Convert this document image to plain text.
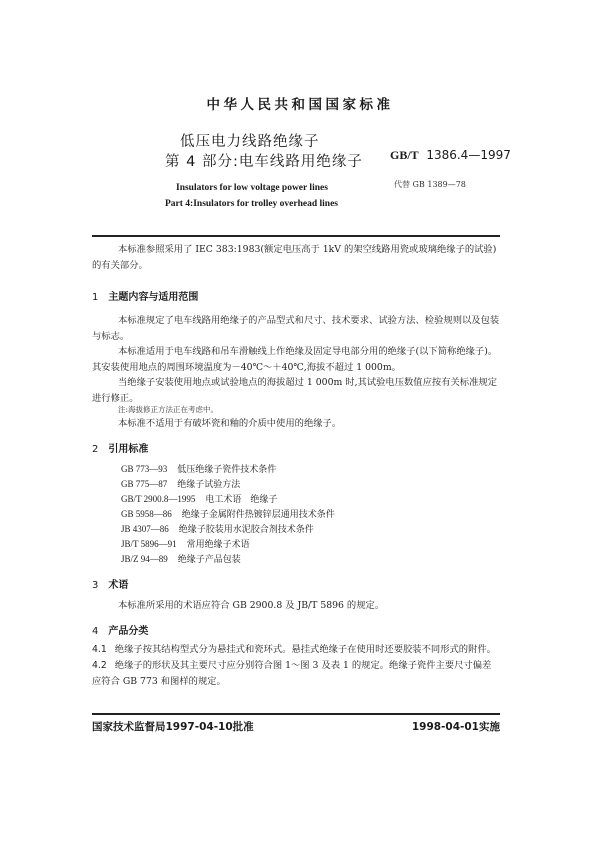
中华人民共和国国家标准
低压电力线路绝缘子
第 4 部分:电车线路用绝缘子
Insulators for low voltage power lines
Part 4:Insulators for trolley overhead lines
GB/T 1386.4—1997
代替 GB 1389—78
本标准参照采用了 IEC 383:1983(额定电压高于 1kV 的架空线路用瓷或玻璃绝缘子的试验)的有关部分。
1 主题内容与适用范围
本标准规定了电车线路用绝缘子的产品型式和尺寸、技术要求、试验方法、检验规则以及包装与标志。
本标准适用于电车线路和吊车滑触线上作绝缘及固定导电部分用的绝缘子(以下简称绝缘子)。其安装使用地点的周围环境温度为－40℃～＋40℃,海拔不超过 1 000m。
当绝缘子安装使用地点或试验地点的海拔超过 1 000m 时,其试验电压数值应按有关标准规定进行修正。
注:海拔修正方法正在考虑中。
本标准不适用于有破坏瓷和釉的介质中使用的绝缘子。
2 引用标准
GB 773—93 低压绝缘子瓷件技术条件
GB 775—87 绝缘子试验方法
GB/T 2900.8—1995 电工术语　绝缘子
GB 5958—86 绝缘子金属附件热镀锌层通用技术条件
JB 4307—86 绝缘子胶装用水泥胶合剂技术条件
JB/T 5896—91 常用绝缘子术语
JB/Z 94—89 绝缘子产品包装
3 术语
本标准所采用的术语应符合 GB 2900.8 及 JB/T 5896 的规定。
4 产品分类
4.1 绝缘子按其结构型式分为悬挂式和瓷环式。悬挂式绝缘子在使用时还要胶装不同形式的附件。
4.2 绝缘子的形状及其主要尺寸应分别符合图 1～图 3 及表 1 的规定。绝缘子瓷件主要尺寸偏差应符合 GB 773 和图样的规定。
国家技术监督局1997-04-10批准	1998-04-01实施
